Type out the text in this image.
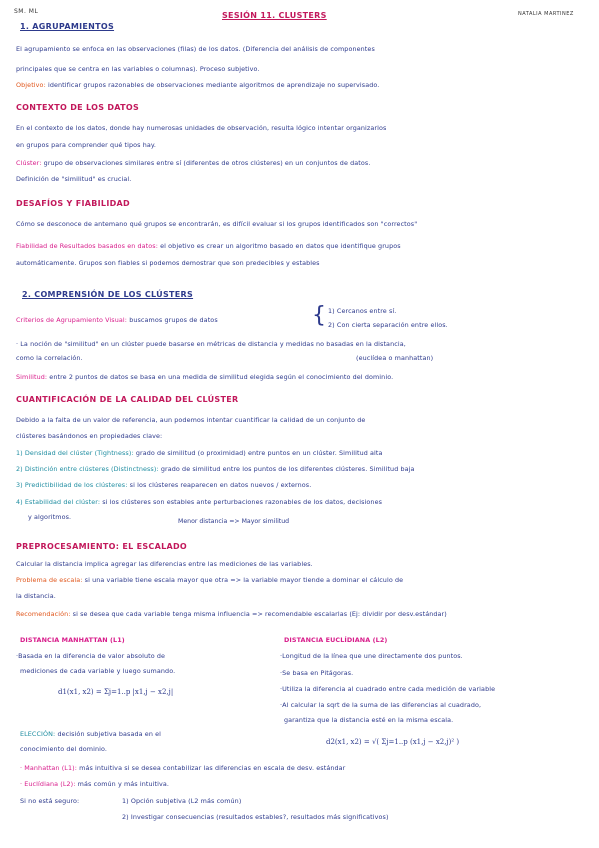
SM. ML	SESIÓN 11. CLUSTERS	NATALIA MARTINEZ
1. AGRUPAMIENTOS
El agrupamiento se enfoca en las observaciones (filas) de los datos. (Diferencia del análisis de componentes
principales que se centra en las variables o columnas). Proceso subjetivo.
Objetivo: identificar grupos razonables de observaciones mediante algoritmos de aprendizaje no supervisado.
CONTEXTO DE LOS DATOS
En el contexto de los datos, donde hay numerosas unidades de observación, resulta lógico intentar organizarlos
en grupos para comprender qué tipos hay.
Clúster: grupo de observaciones similares entre sí (diferentes de otros clústeres) en un conjuntos de datos.
Definición de "similitud" es crucial.
DESAFÍOS Y FIABILIDAD
Cómo se desconoce de antemano qué grupos se encontrarán, es difícil evaluar si los grupos identificados son "correctos"
Fiabilidad de Resultados basados en datos: el objetivo es crear un algoritmo basado en datos que identifique grupos
automáticamente. Grupos son fiables si podemos demostrar que son predecibles y estables
2. COMPRENSIÓN DE LOS CLÚSTERS
Criterios de Agrupamiento Visual: buscamos grupos de datos	{ 1) Cercanos entre sí.
2) Con cierta separación entre ellos.
· La noción de "similitud" en un clúster puede basarse en métricas de distancia y medidas no basadas en la distancia,
como la correlación.	(euclídea o manhattan)
Similitud: entre 2 puntos de datos se basa en una medida de similitud elegida según el conocimiento del dominio.
CUANTIFICACIÓN DE LA CALIDAD DEL CLÚSTER
Debido a la falta de un valor de referencia, aun podemos intentar cuantificar la calidad de un conjunto de
clústeres basándonos en propiedades clave:
1) Densidad del clúster (Tightness): grado de similitud (o proximidad) entre puntos en un clúster. Similitud alta
2) Distinción entre clústeres (Distinctness): grado de similitud entre los puntos de los diferentes clústeres. Similitud baja
3) Predictibilidad de los clústeres: si los clústeres reaparecen en datos nuevos / externos.
4) Estabilidad del clúster: si los clústeres son estables ante perturbaciones razonables de los datos, decisiones
y algoritmos.
Menor distancia => Mayor similitud
PREPROCESAMIENTO: EL ESCALADO
Calcular la distancia implica agregar las diferencias entre las mediciones de las variables.
Problema de escala: si una variable tiene escala mayor que otra => la variable mayor tiende a dominar el cálculo de
la distancia.
Recomendación: si se desea que cada variable tenga misma influencia => recomendable escalarlas (Ej: dividir por desv.estándar)
DISTANCIA MANHATTAN (L1)
·Basada en la diferencia de valor absoluto de
mediciones de cada variable y luego sumando.
d1(x1, x2) = Σj=1..p |x1,j − x2,j|
DISTANCIA EUCLÍDIANA (L2)
·Longitud de la línea que une directamente dos puntos.
·Se basa en Pitágoras.
·Utiliza la diferencia al cuadrado entre cada medición de variable
·Al calcular la sqrt de la suma de las diferencias al cuadrado,
garantiza que la distancia esté en la misma escala.
d2(x1, x2) = √( Σj=1..p (x1,j − x2,j)² )
ELECCIÓN: decisión subjetiva basada en el
conocimiento del dominio.
· Manhattan (L1): más intuitiva si se desea contabilizar las diferencias en escala de desv. estándar
· Euclídiana (L2): más común y más intuitiva.
Si no está seguro:	1) Opción subjetiva (L2 más común)
2) Investigar consecuencias (resultados estables?, resultados más significativos)
